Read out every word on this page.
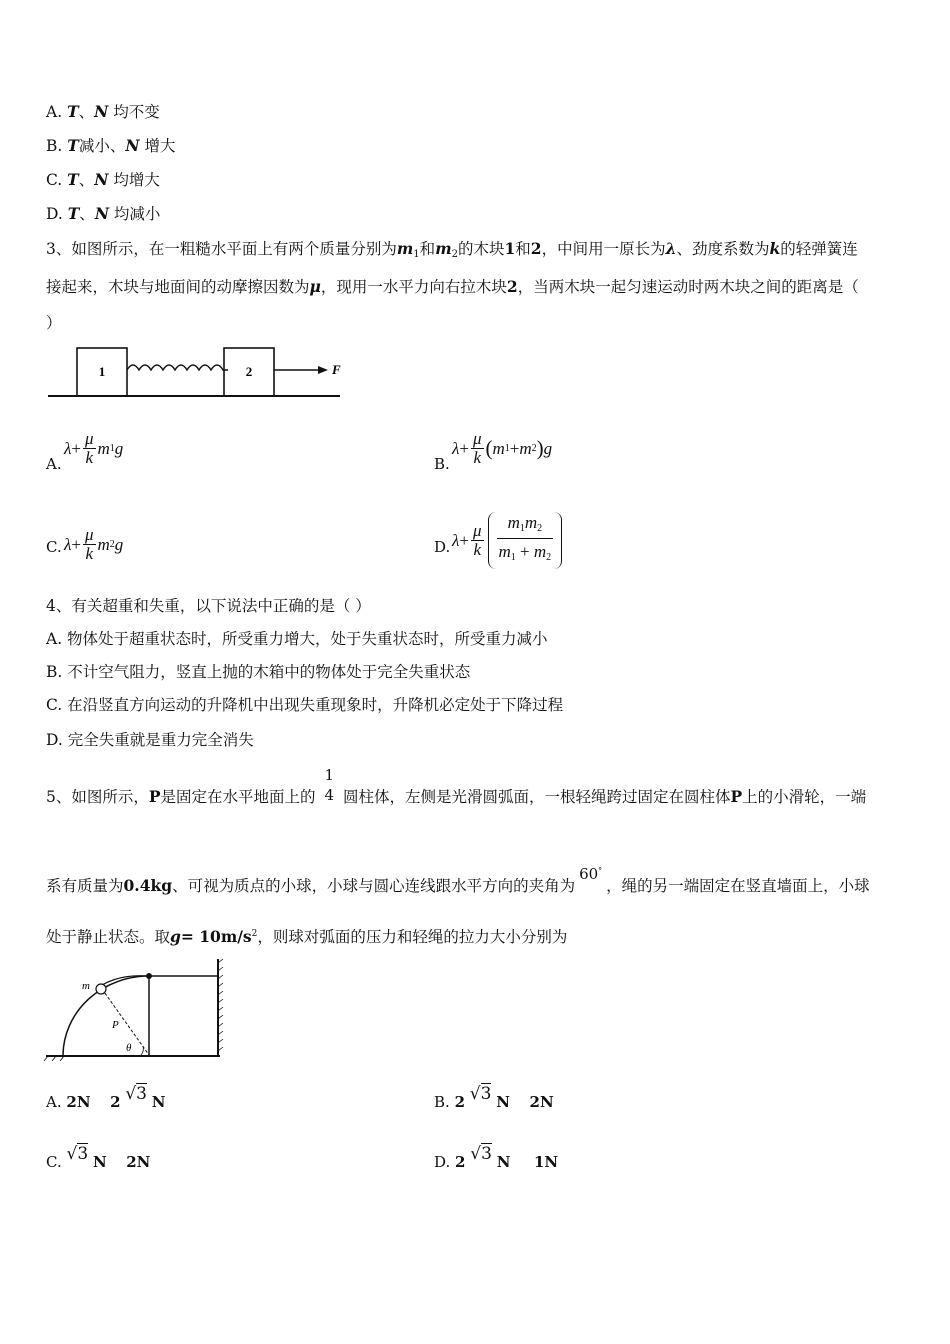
A. T、N 均不变
B. T减小、N 增大
C. T、N 均增大
D. T、N 均减小
3、如图所示，在一粗糙水平面上有两个质量分别为$m_1$和$m_2$的木块1和2，中间用一原长为λ、劲度系数为k的轻弹簧连
接起来，木块与地面间的动摩擦因数为μ，现用一水平力向右拉木块2，当两木块一起匀速运动时两木块之间的距离是（
）
1	2	F
A.
$\lambda + \frac{\mu}{k}$ m 1 g
B.
$\lambda + \frac{\mu}{k}$ ( m 1 + m 2 ) g
C. $\lambda + \frac{\mu}{k}$ m 2 g	D. $\lambda + \frac{\mu}{k} \frac{m_1m_2}{m_1 + m_2}$
4、有关超重和失重，以下说法中正确的是（ ）
A. 物体处于超重状态时，所受重力增大，处于失重状态时，所受重力减小
B. 不计空气阻力，竖直上抛的木箱中的物体处于完全失重状态
C. 在沿竖直方向运动的升降机中出现失重现象时，升降机必定处于下降过程
D. 完全失重就是重力完全消失
5、如图所示，P是固定在水平地面上的
1
4 圆柱体，左侧是光滑圆弧面，一根轻绳跨过固定在圆柱体P上的小滑轮，一端
系有质量为0.4kg、可视为质点的小球，小球与圆心连线跟水平方向的夹角为60°，绳的另一端固定在竖直墙面上，小球
处于静止状态。取$g= 10m/s^2$，则球对弧面的压力和轻绳的拉力大小分别为
m
P
θ
A. 2N 2 √3 N	B. 2 √3 N 2N
C. √3 N 2N	D. 2 √3 N 1N
